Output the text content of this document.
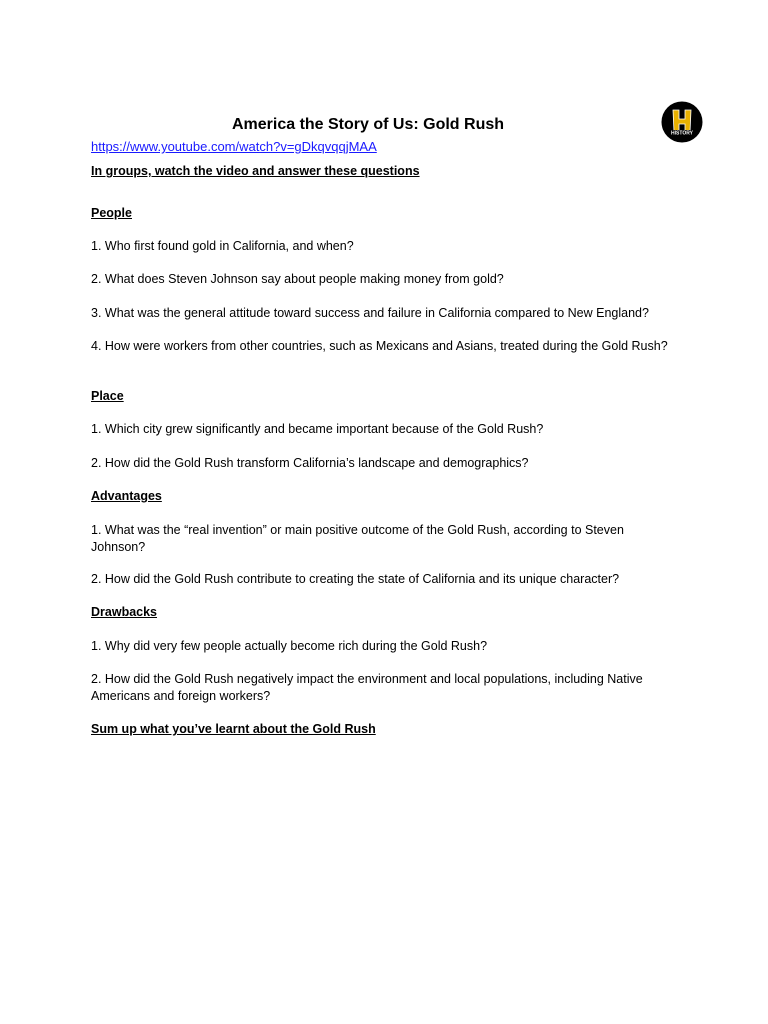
America the Story of Us: Gold Rush
HISTORY
https://www.youtube.com/watch?v=gDkqvqqjMAA
In groups, watch the video and answer these questions
People
1. Who first found gold in California, and when?
2. What does Steven Johnson say about people making money from gold?
3. What was the general attitude toward success and failure in California compared to New England?
4. How were workers from other countries, such as Mexicans and Asians, treated during the Gold Rush?
Place
1. Which city grew significantly and became important because of the Gold Rush?
2. How did the Gold Rush transform California’s landscape and demographics?
Advantages
1. What was the “real invention” or main positive outcome of the Gold Rush, according to Steven Johnson?
2. How did the Gold Rush contribute to creating the state of California and its unique character?
Drawbacks
1. Why did very few people actually become rich during the Gold Rush?
2. How did the Gold Rush negatively impact the environment and local populations, including Native Americans and foreign workers?
Sum up what you’ve learnt about the Gold Rush
